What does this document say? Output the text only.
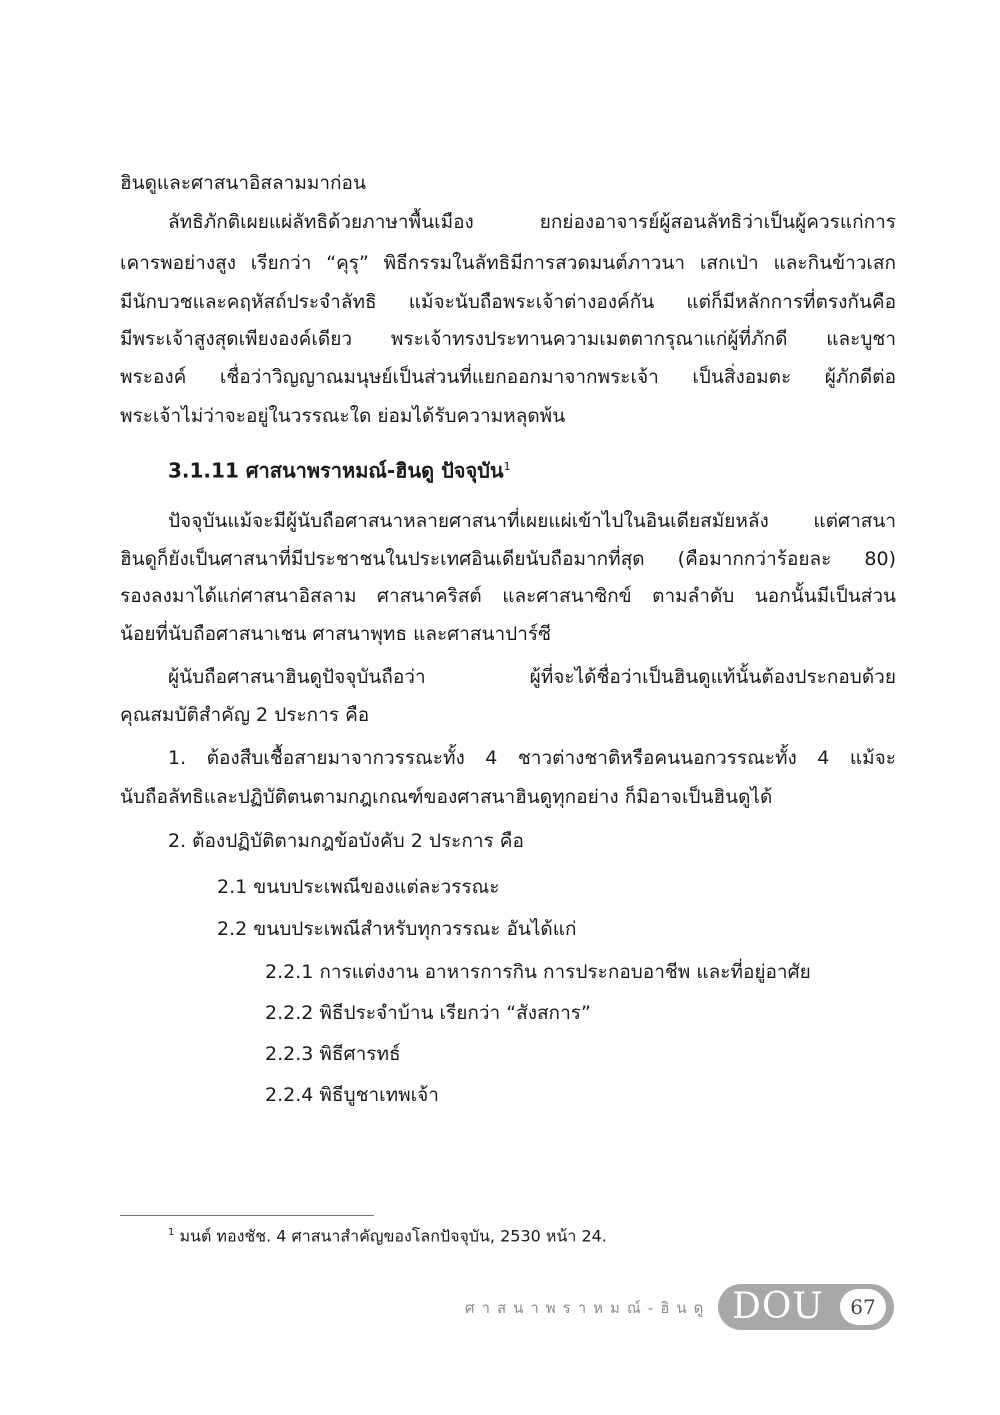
ฮินดูและศาสนาอิสลามมาก่อน
ลัทธิภักติเผยแผ่ลัทธิด้วยภาษาพื้นเมือง ยกย่องอาจารย์ผู้สอนลัทธิว่าเป็นผู้ควรแก่การ
เคารพอย่างสูง เรียกว่า “คุรุ” พิธีกรรมในลัทธิมีการสวดมนต์ภาวนา เสกเป่า และกินข้าวเสก
มีนักบวชและคฤหัสถ์ประจำลัทธิ แม้จะนับถือพระเจ้าต่างองค์กัน แต่ก็มีหลักการที่ตรงกันคือ
มีพระเจ้าสูงสุดเพียงองค์เดียว พระเจ้าทรงประทานความเมตตากรุณาแก่ผู้ที่ภักดี และบูชา
พระองค์ เชื่อว่าวิญญาณมนุษย์เป็นส่วนที่แยกออกมาจากพระเจ้า เป็นสิ่งอมตะ ผู้ภักดีต่อ
พระเจ้าไม่ว่าจะอยู่ในวรรณะใด ย่อมได้รับความหลุดพ้น
3.1.11 ศาสนาพราหมณ์-ฮินดู ปัจจุบัน$^1$
ปัจจุบันแม้จะมีผู้นับถือศาสนาหลายศาสนาที่เผยแผ่เข้าไปในอินเดียสมัยหลัง แต่ศาสนา
ฮินดูก็ยังเป็นศาสนาที่มีประชาชนในประเทศอินเดียนับถือมากที่สุด (คือมากกว่าร้อยละ 80)
รองลงมาได้แก่ศาสนาอิสลาม ศาสนาคริสต์ และศาสนาซิกข์ ตามลำดับ นอกนั้นมีเป็นส่วน
น้อยที่นับถือศาสนาเชน ศาสนาพุทธ และศาสนาปาร์ซี
ผู้นับถือศาสนาฮินดูปัจจุบันถือว่า ผู้ที่จะได้ชื่อว่าเป็นฮินดูแท้นั้นต้องประกอบด้วย
คุณสมบัติสำคัญ 2 ประการ คือ
1. ต้องสืบเชื้อสายมาจากวรรณะทั้ง 4 ชาวต่างชาติหรือคนนอกวรรณะทั้ง 4 แม้จะ
นับถือลัทธิและปฏิบัติตนตามกฎเกณฑ์ของศาสนาฮินดูทุกอย่าง ก็มิอาจเป็นฮินดูได้
2. ต้องปฏิบัติตามกฎข้อบังคับ 2 ประการ คือ
2.1 ขนบประเพณีของแต่ละวรรณะ
2.2 ขนบประเพณีสำหรับทุกวรรณะ อันได้แก่
2.2.1 การแต่งงาน อาหารการกิน การประกอบอาชีพ และที่อยู่อาศัย
2.2.2 พิธีประจำบ้าน เรียกว่า “สังสการ”
2.2.3 พิธีศารทธ์
2.2.4 พิธีบูชาเทพเจ้า
$^1$ มนต์ ทองชัช. 4 ศาสนาสำคัญของโลกปัจจุบัน, 2530 หน้า 24.
ศาสนาพราหมณ์-ฮินดู DOU	67
